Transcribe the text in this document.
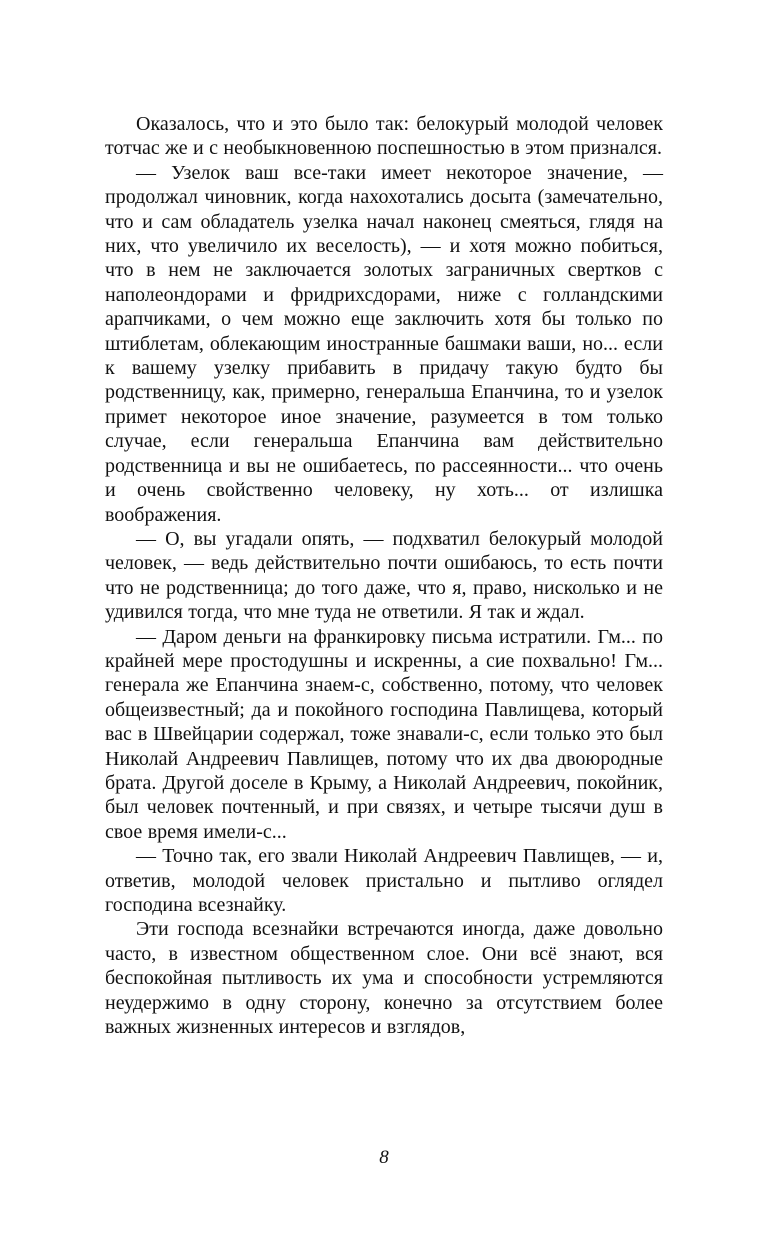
Оказалось, что и это было так: белокурый молодой человек тотчас же и с необыкновенною поспешностью в этом признался.

— Узелок ваш все-таки имеет некоторое значение, — продолжал чиновник, когда нахохотались досыта (замечательно, что и сам обладатель узелка начал наконец смеяться, глядя на них, что увеличило их веселость), — и хотя можно побиться, что в нем не заключается золотых заграничных свертков с наполеондорами и фридрихсдорами, ниже с голландскими арапчиками, о чем можно еще заключить хотя бы только по штиблетам, облекающим иностранные башмаки ваши, но... если к вашему узелку прибавить в придачу такую будто бы родственницу, как, примерно, генеральша Епанчина, то и узелок примет некоторое иное значение, разумеется в том только случае, если генеральша Епанчина вам действительно родственница и вы не ошибаетесь, по рассеянности... что очень и очень свойственно человеку, ну хоть... от излишка воображения.

— О, вы угадали опять, — подхватил белокурый молодой человек, — ведь действительно почти ошибаюсь, то есть почти что не родственница; до того даже, что я, право, нисколько и не удивился тогда, что мне туда не ответили. Я так и ждал.

— Даром деньги на франкировку письма истратили. Гм... по крайней мере простодушны и искренны, а сие похвально! Гм... генерала же Епанчина знаем-с, собственно, потому, что человек общеизвестный; да и покойного господина Павлищева, который вас в Швейцарии содержал, тоже знавали-с, если только это был Николай Андреевич Павлищев, потому что их два двоюродные брата. Другой доселе в Крыму, а Николай Андреевич, покойник, был человек почтенный, и при связях, и четыре тысячи душ в свое время имели-с...

— Точно так, его звали Николай Андреевич Павлищев, — и, ответив, молодой человек пристально и пытливо оглядел господина всезнайку.

Эти господа всезнайки встречаются иногда, даже довольно часто, в известном общественном слое. Они всё знают, вся беспокойная пытливость их ума и способности устремляются неудержимо в одну сторону, конечно за отсутствием более важных жизненных интересов и взглядов,

8
